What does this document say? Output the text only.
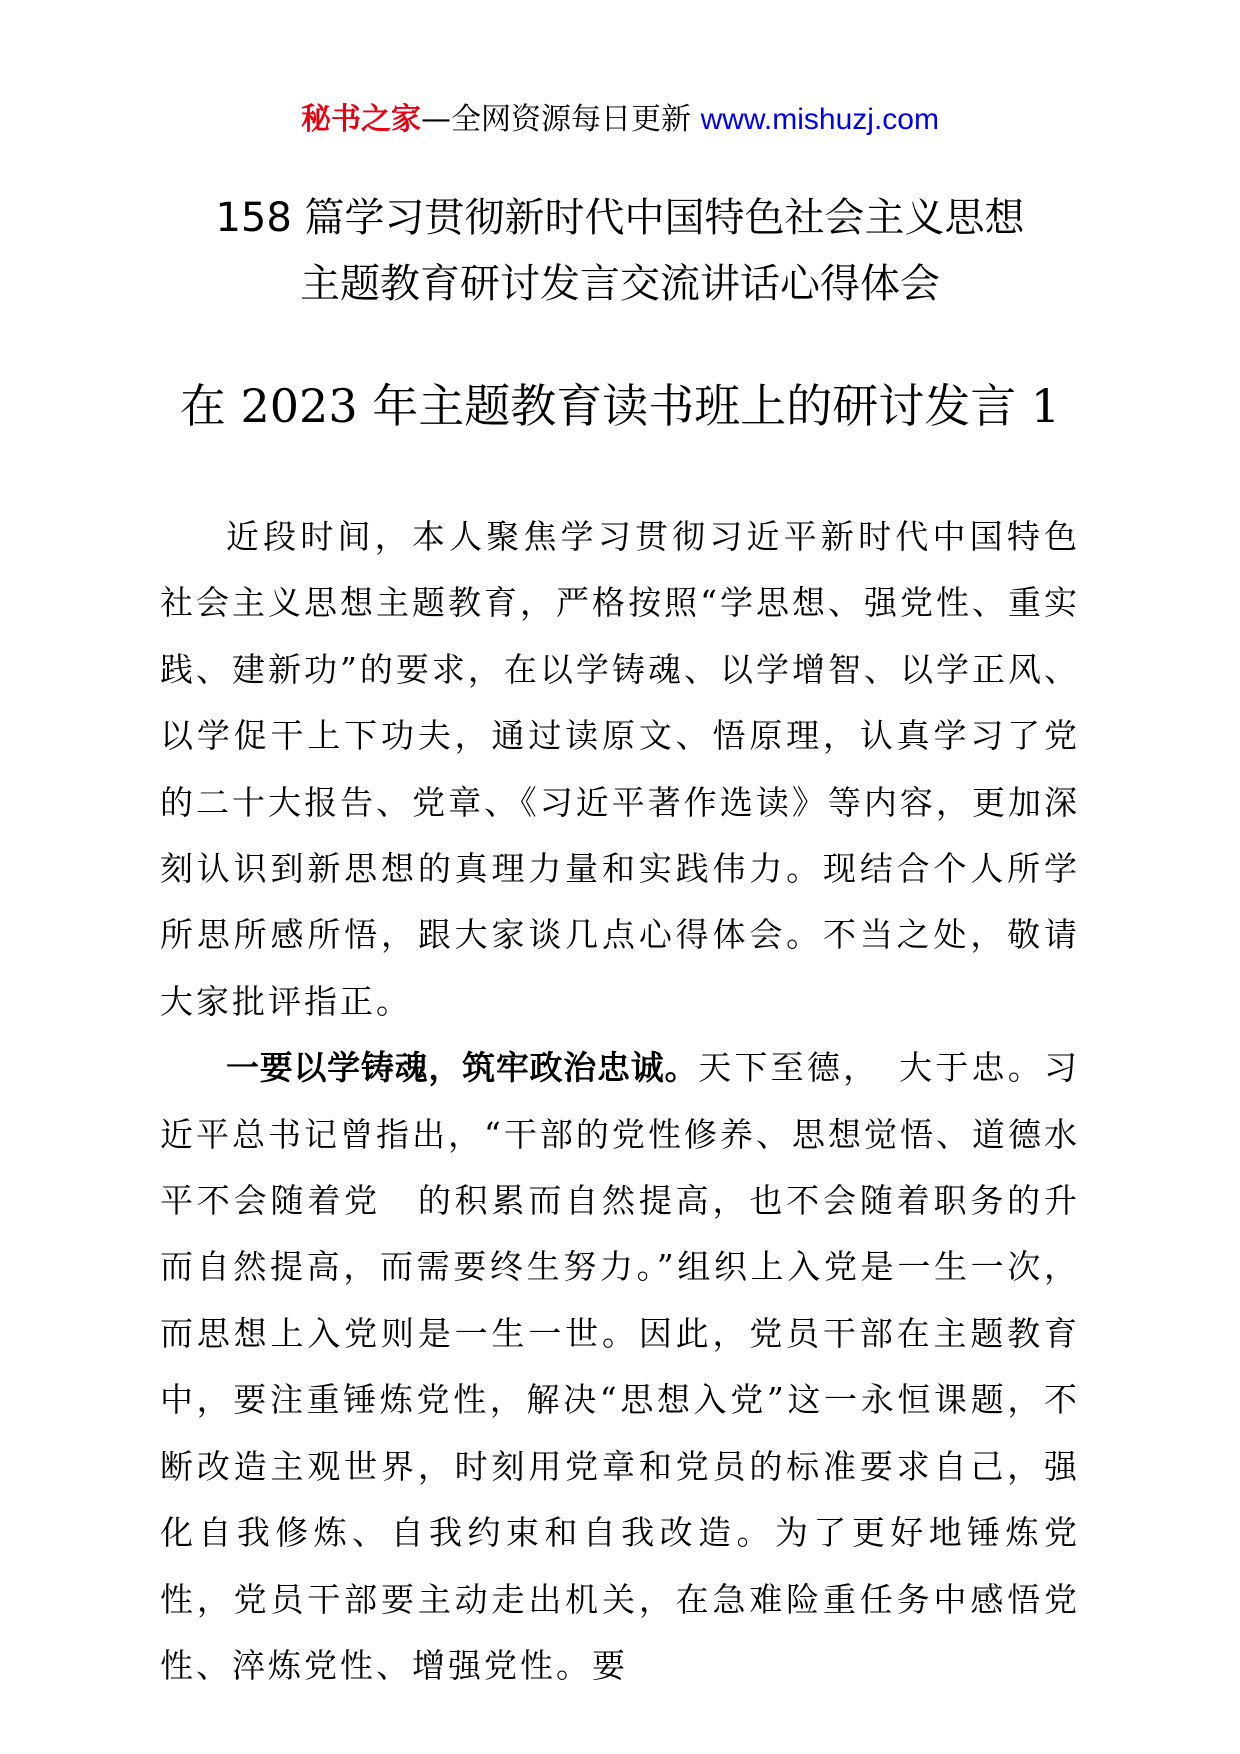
秘书之家—全网资源每日更新 www.mishuzj.com
158 篇学习贯彻新时代中国特色社会主义思想
主题教育研讨发言交流讲话心得体会
在 2023 年主题教育读书班上的研讨发言 1

近段时间，本人聚焦学习贯彻习近平新时代中国特色社会主义思想主题教育，严格按照“学思想、强党性、重实践、建新功”的要求，在以学铸魂、以学增智、以学正风、以学促干上下功夫，通过读原文、悟原理，认真学习了党的二十大报告、党章、《习近平著作选读》等内容，更加深刻认识到新思想的真理力量和实践伟力。现结合个人所学所思所感所悟，跟大家谈几点心得体会。不当之处，敬请大家批评指正。

一要以学铸魂，筑牢政治忠诚。天下至德，　大于忠。习近平总书记曾指出，“干部的党性修养、思想觉悟、道德水平不会随着党　的积累而自然提高，也不会随着职务的升　而自然提高，而需要终生努力。”组织上入党是一生一次，而思想上入党则是一生一世。因此，党员干部在主题教育中，要注重锤炼党性，解决“思想入党”这一永恒课题，不断改造主观世界，时刻用党章和党员的标准要求自己，强化自我修炼、自我约束和自我改造。为了更好地锤炼党性，党员干部要主动走出机关，在急难险重任务中感悟党性、淬炼党性、增强党性。要
